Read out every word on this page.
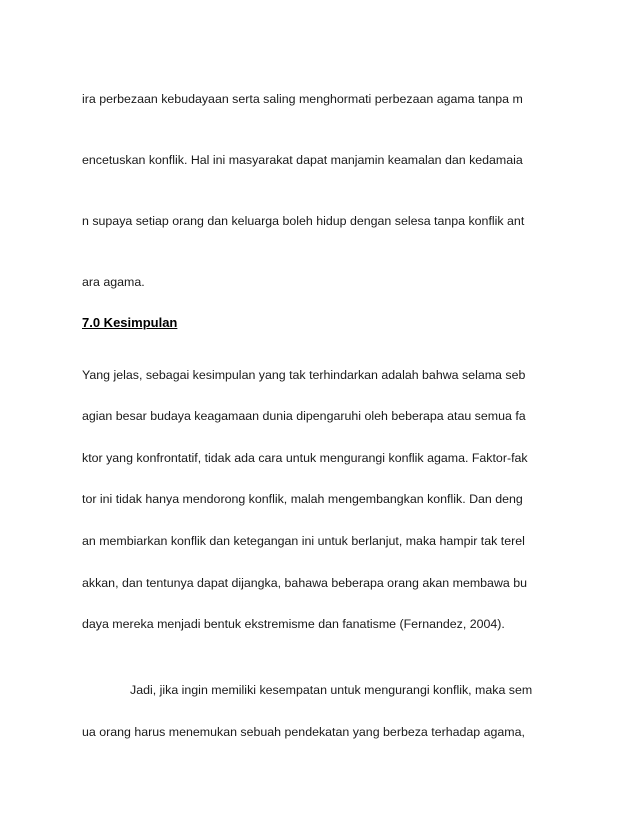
ira perbezaan kebudayaan serta saling menghormati perbezaan agama tanpa m
encetuskan konflik. Hal ini masyarakat dapat manjamin keamalan dan kedamaia
n supaya setiap orang dan keluarga boleh hidup dengan selesa tanpa konflik ant
ara agama.
7.0 Kesimpulan
Yang jelas, sebagai kesimpulan yang tak terhindarkan adalah bahwa selama seb
agian besar budaya keagamaan dunia dipengaruhi oleh beberapa atau semua fa
ktor yang konfrontatif, tidak ada cara untuk mengurangi konflik agama. Faktor-fak
tor ini tidak hanya mendorong konflik, malah mengembangkan konflik. Dan deng
an membiarkan konflik dan ketegangan ini untuk berlanjut, maka hampir tak terel
akkan, dan tentunya dapat dijangka, bahawa beberapa orang akan membawa bu
daya mereka menjadi bentuk ekstremisme dan fanatisme (Fernandez, 2004).
Jadi, jika ingin memiliki kesempatan untuk mengurangi konflik, maka sem
ua orang harus menemukan sebuah pendekatan yang berbeza terhadap agama,
